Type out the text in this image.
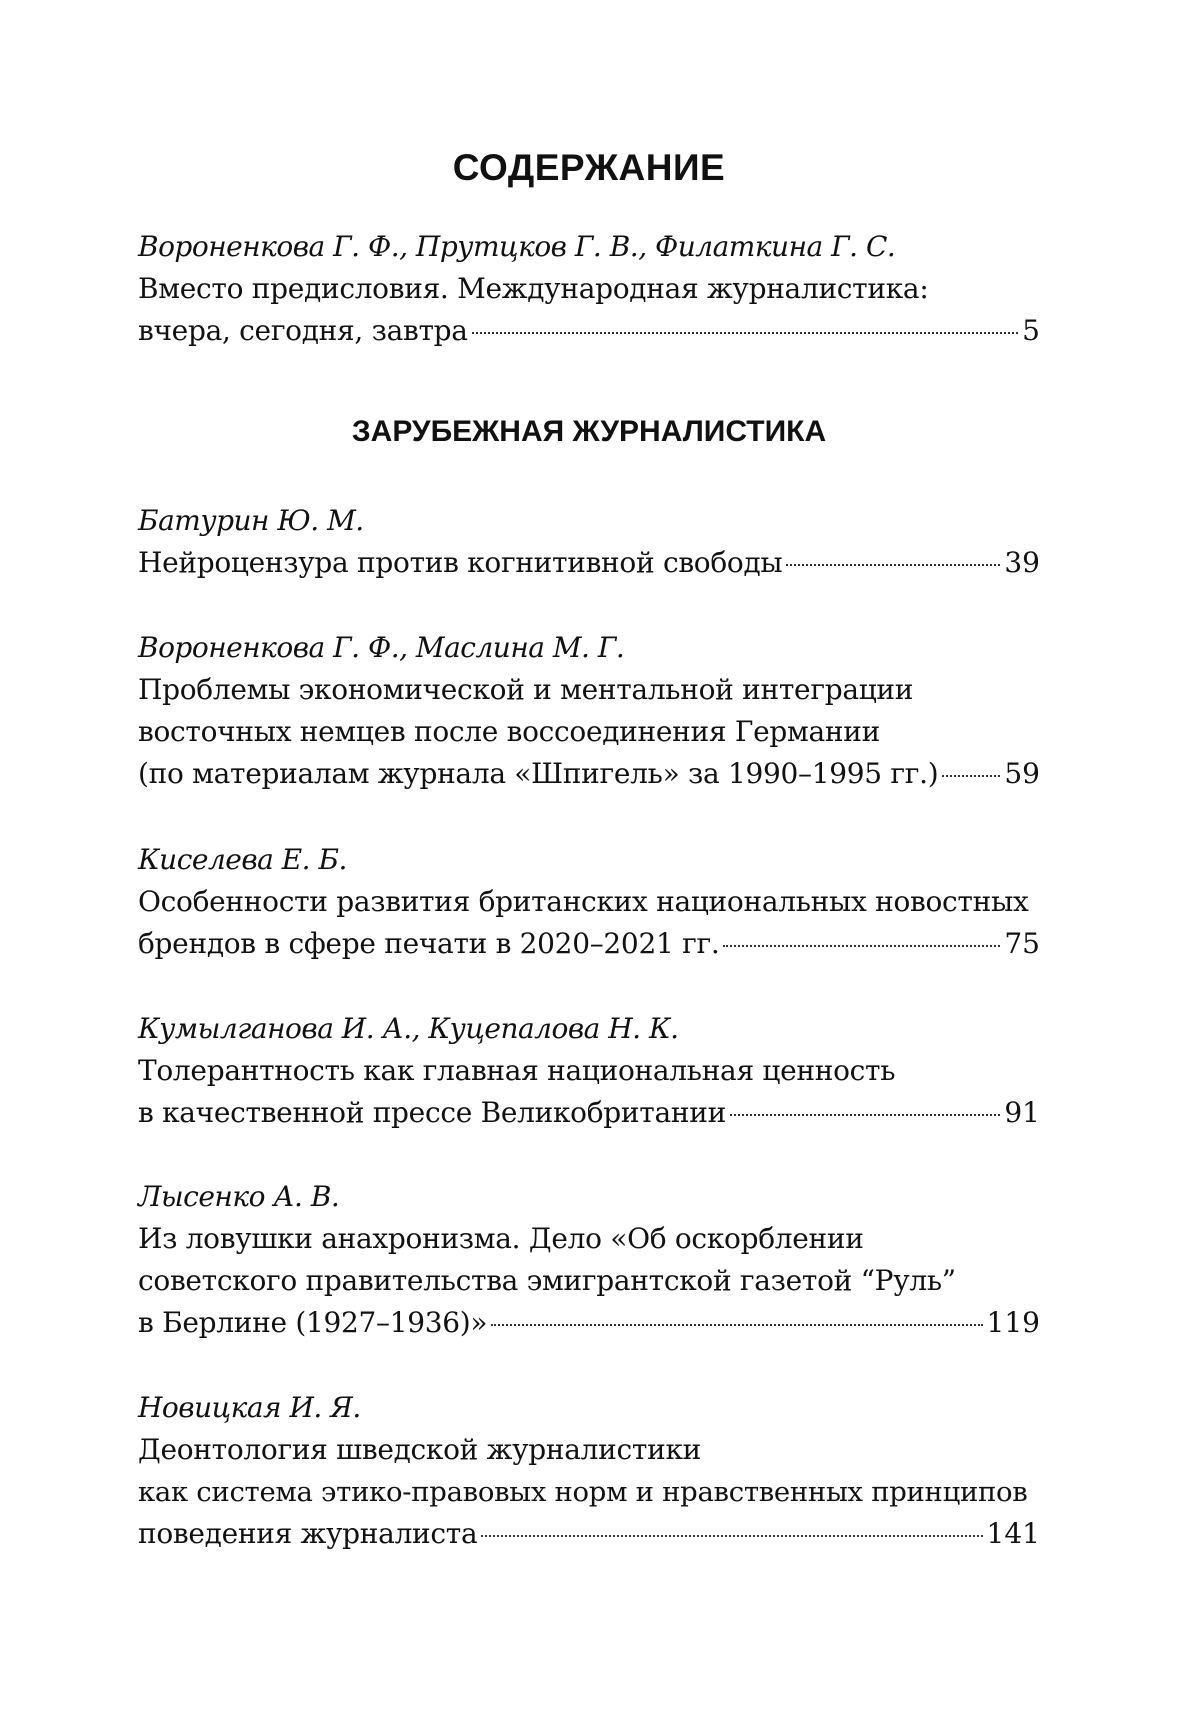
СОДЕРЖАНИЕ
Вороненкова Г. Ф., Прутцков Г. В., Филаткина Г. С.
Вместо предисловия. Международная журналистика:
вчера, сегодня, завтра	5
ЗАРУБЕЖНАЯ ЖУРНАЛИСТИКА
Батурин Ю. М.
Нейроцензура против когнитивной свободы	39
Вороненкова Г. Ф., Маслина М. Г.
Проблемы экономической и ментальной интеграции
восточных немцев после воссоединения Германии
(по материалам журнала «Шпигель» за 1990–1995 гг.) 59
Киселева Е. Б.
Особенности развития британских национальных новостных
брендов в сфере печати в 2020–2021 гг.	75
Кумылганова И. А., Куцепалова Н. К.
Толерантность как главная национальная ценность
в качественной прессе Великобритании	91
Лысенко А. В.
Из ловушки анахронизма. Дело «Об оскорблении
советского правительства эмигрантской газетой “Руль”
в Берлине (1927–1936)»	119
Новицкая И. Я.
Деонтология шведской журналистики
как система этико-правовых норм и нравственных принципов
поведения журналиста	141
